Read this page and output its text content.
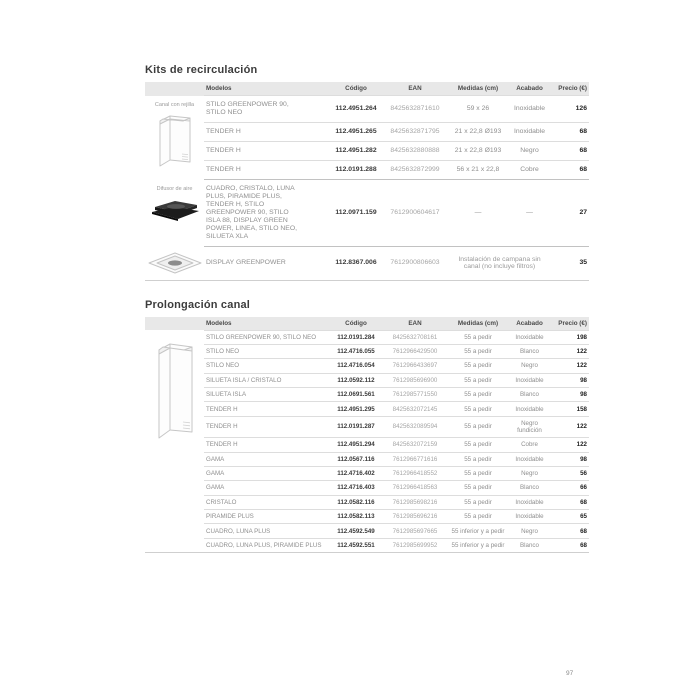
Kits de recirculación
	Modelos	Código	EAN	Medidas (cm)	Acabado	Precio (€)

Canal con rejilla	STILO GREENPOWER 90, STILO NEO	112.4951.264	8425632871610	59 x 26	Inoxidable	126
	TENDER H	112.4951.265	8425632871795	21 x 22,8 Ø193	Inoxidable	68
	TENDER H	112.4951.282	8425632880888	21 x 22,8 Ø193	Negro	68
	TENDER H	112.0191.288	8425632872999	56 x 21 x 22,8	Cobre	68

Difusor de aire	CUADRO, CRISTALO, LUNA PLUS, PIRAMIDE PLUS, TENDER H, STILO GREENPOWER 90, STILO ISLA 88, DISPLAY GREEN POWER, LINEA, STILO NEO, SILUETA XLA	112.0971.159	7612900604617	—	—	27
	DISPLAY GREENPOWER	112.8367.006	7612900806603	Instalación de campana sin canal (no incluye filtros)		35
Prolongación canal
	Modelos	Código	EAN	Medidas (cm)	Acabado	Precio (€)
	STILO GREENPOWER 90, STILO NEO	112.0191.284	8425632708161	55 a pedir	Inoxidable	198
	STILO NEO	112.4716.055	7612966429500	55 a pedir	Blanco	122
	STILO NEO	112.4716.054	7612966433697	55 a pedir	Negro	122
	SILUETA ISLA / CRISTALO	112.0592.112	7612985696900	55 a pedir	Inoxidable	98
	SILUETA ISLA	112.0691.561	7612985771550	55 a pedir	Blanco	98
	TENDER H	112.4951.295	8425632072145	55 a pedir	Inoxidable	158
	TENDER H	112.0191.287	8425632089594	55 a pedir	Negro fundición	122
	TENDER H	112.4951.294	8425632072159	55 a pedir	Cobre	122
	GAMA	112.0567.116	7612966771616	55 a pedir	Inoxidable	98
	GAMA	112.4716.402	7612966418552	55 a pedir	Negro	56
	GAMA	112.4716.403	7612966418563	55 a pedir	Blanco	66
	CRISTALO	112.0582.116	7612985698216	55 a pedir	Inoxidable	68
	PIRAMIDE PLUS	112.0582.113	7612985696216	55 a pedir	Inoxidable	65
	CUADRO, LUNA PLUS	112.4592.549	7612985697665	55 inferior y a pedir	Negro	68
	CUADRO, LUNA PLUS, PIRAMIDE PLUS	112.4592.551	7612985699952	55 inferior y a pedir	Blanco	68
97
